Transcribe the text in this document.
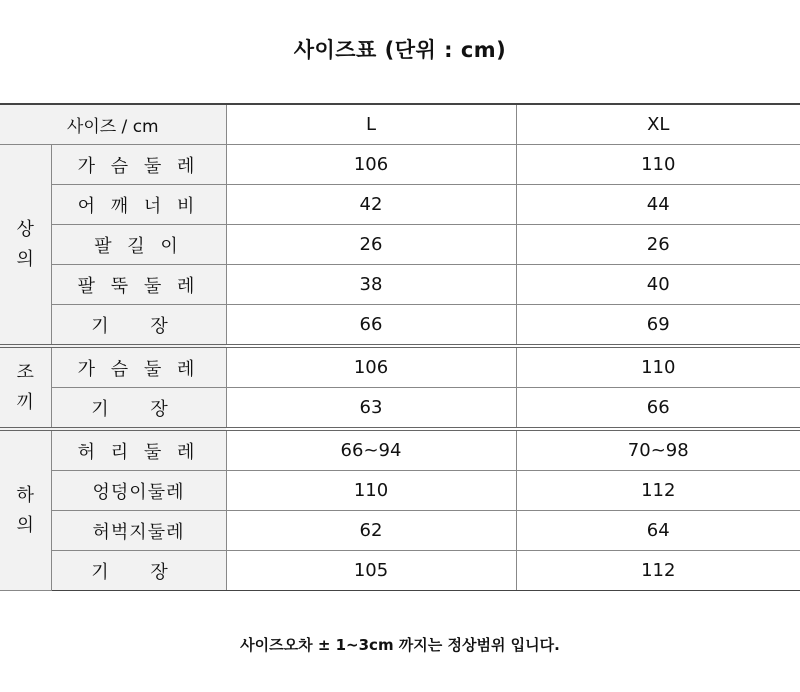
사이즈표 (단위 : cm)
사이즈 / cm		L	XL
상의	가 슴 둘 레	106	110
	어 깨 너 비	42	44
	팔 길 이	26	26
	팔 뚝 둘 레	38	40
	기 장	66	69
조끼	가 슴 둘 레	106	110
	기 장	63	66
하의	허 리 둘 레	66~94	70~98
	엉덩이둘레	110	112
	허벅지둘레	62	64
	기 장	105	112
사이즈오차 ± 1~3cm 까지는 정상범위 입니다.
